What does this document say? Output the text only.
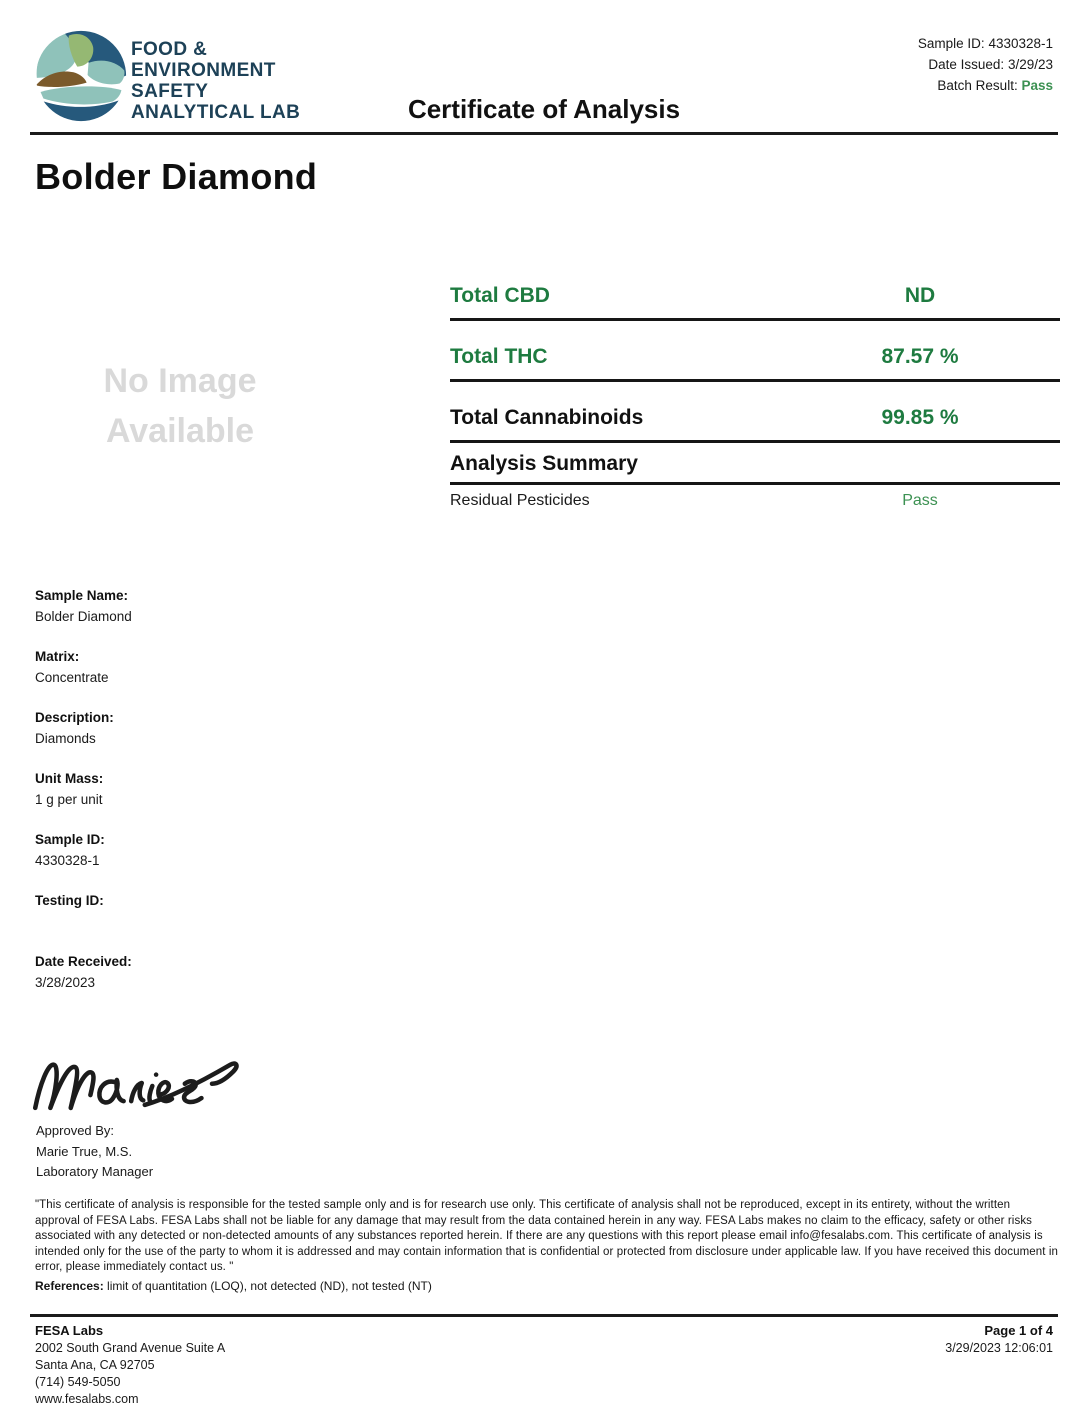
FOOD &
ENVIRONMENT
SAFETY
ANALYTICAL LAB	Certificate of Analysis
Sample ID: 4330328-1
Date Issued: 3/29/23
Batch Result: Pass
Bolder Diamond
No Image
Available
Total CBD	ND
Total THC	87.57 %
Total Cannabinoids	99.85 %
Analysis Summary
Residual Pesticides	Pass
Sample Name:
Bolder Diamond
Matrix:
Concentrate
Description:
Diamonds
Unit Mass:
1 g per unit
Sample ID:
4330328-1
Testing ID:
Date Received:
3/28/2023
Approved By:
Marie True, M.S.
Laboratory Manager
"This certificate of analysis is responsible for the tested sample only and is for research use only. This certificate of analysis shall not be reproduced, except in its entirety, without the written approval of FESA Labs. FESA Labs shall not be liable for any damage that may result from the data contained herein in any way. FESA Labs makes no claim to the efficacy, safety or other risks associated with any detected or non-detected amounts of any substances reported herein. If there are any questions with this report please email info@fesalabs.com. This certificate of analysis is intended only for the use of the party to whom it is addressed and may contain information that is confidential or protected from disclosure under applicable law. If you have received this document in error, please immediately contact us. "
References: limit of quantitation (LOQ), not detected (ND), not tested (NT)
FESA Labs
2002 South Grand Avenue Suite A
Santa Ana, CA 92705
(714) 549-5050
www.fesalabs.com
Page 1 of 4
3/29/2023 12:06:01
